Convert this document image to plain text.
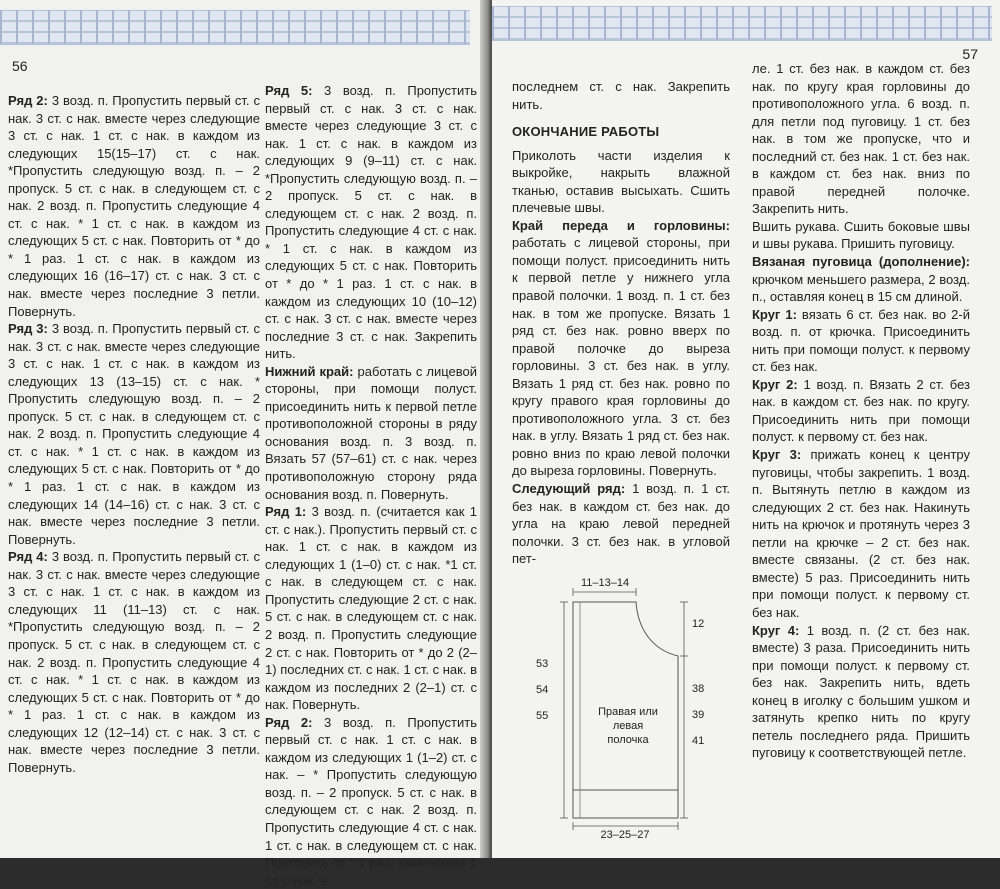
56

Ряд 2: 3 возд. п. Пропустить первый ст. с нак. 3 ст. с нак. вместе через следующие 3 ст. с нак. 1 ст. с нак. в каждом из следующих 15(15–17) ст. с нак. *Пропустить следующую возд. п. – 2 пропуск. 5 ст. с нак. в следующем ст. с нак. 2 возд. п. Пропустить следующие 4 ст. с нак. * 1 ст. с нак. в каждом из следующих 5 ст. с нак. Повторить от * до * 1 раз. 1 ст. с нак. в каждом из следующих 16 (16–17) ст. с нак. 3 ст. с нак. вместе через последние 3 петли. Повернуть.

Ряд 3: 3 возд. п. Пропустить первый ст. с нак. 3 ст. с нак. вместе через следующие 3 ст. с нак. 1 ст. с нак. в каждом из следующих 13 (13–15) ст. с нак. * Пропустить следующую возд. п. – 2 пропуск. 5 ст. с нак. в следующем ст. с нак. 2 возд. п. Пропустить следующие 4 ст. с нак. * 1 ст. с нак. в каждом из следующих 5 ст. с нак. Повторить от * до * 1 раз. 1 ст. с нак. в каждом из следующих 14 (14–16) ст. с нак. 3 ст. с нак. вместе через последние 3 петли. Повернуть.

Ряд 4: 3 возд. п. Пропустить первый ст. с нак. 3 ст. с нак. вместе через следующие 3 ст. с нак. 1 ст. с нак. в каждом из следующих 11 (11–13) ст. с нак. *Пропустить следующую возд. п. – 2 пропуск. 5 ст. с нак. в следующем ст. с нак. 2 возд. п. Пропустить следующие 4 ст. с нак. * 1 ст. с нак. в каждом из следующих 5 ст. с нак. Повторить от * до * 1 раз. 1 ст. с нак. в каждом из следующих 12 (12–14) ст. с нак. 3 ст. с нак. вместе через последние 3 петли. Повернуть.

Ряд 5: 3 возд. п. Пропустить первый ст. с нак. 3 ст. с нак. вместе через следующие 3 ст. с нак. 1 ст. с нак. в каждом из следующих 9 (9–11) ст. с нак. *Пропустить следующую возд. п. – 2 пропуск. 5 ст. с нак. в следующем ст. с нак. 2 возд. п. Пропустить следующие 4 ст. с нак. * 1 ст. с нак. в каждом из следующих 5 ст. с нак. Повторить от * до * 1 раз. 1 ст. с нак. в каждом из следующих 10 (10–12) ст. с нак. 3 ст. с нак. вместе через последние 3 ст. с нак. Закрепить нить.

Нижний край: работать с лицевой стороны, при помощи полуст. присоединить нить к первой петле противоположной стороны в ряду основания возд. п. 3 возд. п. Вязать 57 (57–61) ст. с нак. через противоположную сторону ряда основания возд. п. Повернуть.

Ряд 1: 3 возд. п. (считается как 1 ст. с нак.). Пропустить первый ст. с нак. 1 ст. с нак. в каждом из следующих 1 (1–0) ст. с нак. *1 ст. с нак. в следующем ст. с нак. Пропустить следующие 2 ст. с нак. 5 ст. с нак. в следующем ст. с нак. 2 возд. п. Пропустить следующие 2 ст. с нак. Повторить от * до 2 (2–1) последних ст. с нак. 1 ст. с нак. в каждом из последних 2 (2–1) ст. с нак. Повернуть.

Ряд 2: 3 возд. п. Пропустить первый ст. с нак. 1 ст. с нак. в каждом из следующих 1 (1–2) ст. с нак. – * Пропустить следующую возд. п. – 2 пропуск. 5 ст. с нак. в следующем ст. с нак. 2 возд. п. Пропустить следующие 4 ст. с нак. 1 ст. с нак. в следующем ст. с нак. Повторить от * 1 раз, заканчивая 1 ст. с нак. в

57

последнем ст. с нак. Закрепить нить.

ОКОНЧАНИЕ РАБОТЫ

Приколоть части изделия к выкройке, накрыть влажной тканью, оставив высыхать. Сшить плечевые швы.

Край переда и горловины: работать с лицевой стороны, при помощи полуст. присоединить нить к первой петле у нижнего угла правой полочки. 1 возд. п. 1 ст. без нак. в том же пропуске. Вязать 1 ряд ст. без нак. ровно вверх по правой полочке до выреза горловины. 3 ст. без нак. в углу. Вязать 1 ряд ст. без нак. ровно по кругу правого края горловины до противоположного угла. 3 ст. без нак. в углу. Вязать 1 ряд ст. без нак. ровно вниз по краю левой полочки до выреза горловины. Повернуть.

Следующий ряд: 1 возд. п. 1 ст. без нак. в каждом ст. без нак. до угла на краю левой передней полочки. 3 ст. без нак. в угловой пет-

ле. 1 ст. без нак. в каждом ст. без нак. по кругу края горловины до противоположного угла. 6 возд. п. для петли под пуговицу. 1 ст. без нак. в том же пропуске, что и последний ст. без нак. 1 ст. без нак. в каждом ст. без нак. вниз по правой передней полочке. Закрепить нить.

Вшить рукава. Сшить боковые швы и швы рукава. Пришить пуговицу.

Вязаная пуговица (дополнение): крючком меньшего размера, 2 возд. п., оставляя конец в 15 см длиной.

Круг 1: вязать 6 ст. без нак. во 2-й возд. п. от крючка. Присоединить нить при помощи полуст. к первому ст. без нак.

Круг 2: 1 возд. п. Вязать 2 ст. без нак. в каждом ст. без нак. по кругу. Присоединить нить при помощи полуст. к первому ст. без нак.

Круг 3: прижать конец к центру пуговицы, чтобы закрепить. 1 возд. п. Вытянуть петлю в каждом из следующих 2 ст. без нак. Накинуть нить на крючок и протянуть через 3 петли на крючке – 2 ст. без нак. вместе связаны. (2 ст. без нак. вместе) 5 раз. Присоединить нить при помощи полуст. к первому ст. без нак.

Круг 4: 1 возд. п. (2 ст. без нак. вместе) 3 раза. Присоединить нить при помощи полуст. к первому ст. без нак. Закрепить нить, вдеть конец в иголку с большим ушком и затянуть крепко нить по кругу петель последнего ряда. Пришить пуговицу к соответствующей петле.

11–13–14
12
38
39
41
53
54
55	Правая или
левая
полочка
23–25–27
